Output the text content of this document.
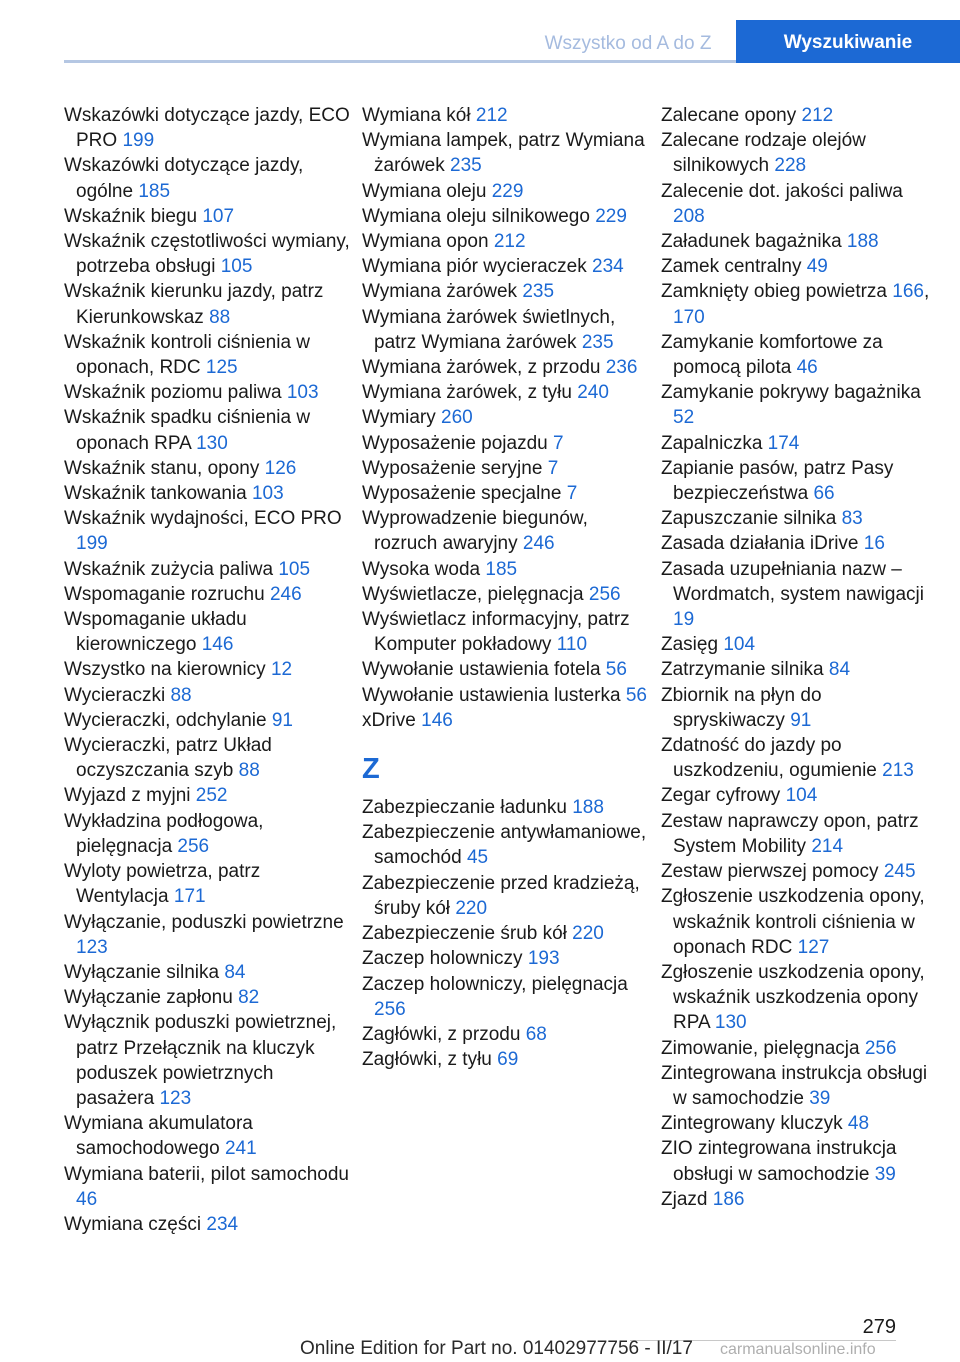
Wszystko od A do Z	Wyszukiwanie
Wskazówki dotyczące jazdy, ECO PRO 199
Wskazówki dotyczące jazdy, ogólne 185
Wskaźnik biegu 107
Wskaźnik częstotliwości wymiany, potrzeba obsługi 105
Wskaźnik kierunku jazdy, patrz Kierunkowskaz 88
Wskaźnik kontroli ciśnienia w oponach, RDC 125
Wskaźnik poziomu paliwa 103
Wskaźnik spadku ciśnienia w oponach RPA 130
Wskaźnik stanu, opony 126
Wskaźnik tankowania 103
Wskaźnik wydajności, ECO PRO 199
Wskaźnik zużycia paliwa 105
Wspomaganie rozruchu 246
Wspomaganie układu kierowniczego 146
Wszystko na kierownicy 12
Wycieraczki 88
Wycieraczki, odchylanie 91
Wycieraczki, patrz Układ oczyszczania szyb 88
Wyjazd z myjni 252
Wykładzina podłogowa, pielęgnacja 256
Wyloty powietrza, patrz Wentylacja 171
Wyłączanie, poduszki powietrzne 123
Wyłączanie silnika 84
Wyłączanie zapłonu 82
Wyłącznik poduszki powietrznej, patrz Przełącznik na kluczyk poduszek powietrznych pasażera 123
Wymiana akumulatora samochodowego 241
Wymiana baterii, pilot samochodu 46
Wymiana części 234
Wymiana kół 212
Wymiana lampek, patrz Wymiana żarówek 235
Wymiana oleju 229
Wymiana oleju silnikowego 229
Wymiana opon 212
Wymiana piór wycieraczek 234
Wymiana żarówek 235
Wymiana żarówek świetlnych, patrz Wymiana żarówek 235
Wymiana żarówek, z przodu 236
Wymiana żarówek, z tyłu 240
Wymiary 260
Wyposażenie pojazdu 7
Wyposażenie seryjne 7
Wyposażenie specjalne 7
Wyprowadzenie biegunów, rozruch awaryjny 246
Wysoka woda 185
Wyświetlacze, pielęgnacja 256
Wyświetlacz informacyjny, patrz Komputer pokładowy 110
Wywołanie ustawienia fotela 56
Wywołanie ustawienia lusterka 56
xDrive 146
Z
Zabezpieczanie ładunku 188
Zabezpieczenie antywłamaniowe, samochód 45
Zabezpieczenie przed kradzieżą, śruby kół 220
Zabezpieczenie śrub kół 220
Zaczep holowniczy 193
Zaczep holowniczy, pielęgnacja 256
Zagłówki, z przodu 68
Zagłówki, z tyłu 69
Zalecane opony 212
Zalecane rodzaje olejów silnikowych 228
Zalecenie dot. jakości paliwa 208
Załadunek bagażnika 188
Zamek centralny 49
Zamknięty obieg powietrza 166, 170
Zamykanie komfortowe za pomocą pilota 46
Zamykanie pokrywy bagażnika 52
Zapalniczka 174
Zapianie pasów, patrz Pasy bezpieczeństwa 66
Zapuszczanie silnika 83
Zasada działania iDrive 16
Zasada uzupełniania nazw – Wordmatch, system nawigacji 19
Zasięg 104
Zatrzymanie silnika 84
Zbiornik na płyn do spryskiwaczy 91
Zdatność do jazdy po uszkodzeniu, ogumienie 213
Zegar cyfrowy 104
Zestaw naprawczy opon, patrz System Mobility 214
Zestaw pierwszej pomocy 245
Zgłoszenie uszkodzenia opony, wskaźnik kontroli ciśnienia w oponach RDC 127
Zgłoszenie uszkodzenia opony, wskaźnik uszkodzenia opony RPA 130
Zimowanie, pielęgnacja 256
Zintegrowana instrukcja obsługi w samochodzie 39
Zintegrowany kluczyk 48
ZIO zintegrowana instrukcja obsługi w samochodzie 39
Zjazd 186
279
Online Edition for Part no. 01402977756 - II/17	carmanualsonline.info
